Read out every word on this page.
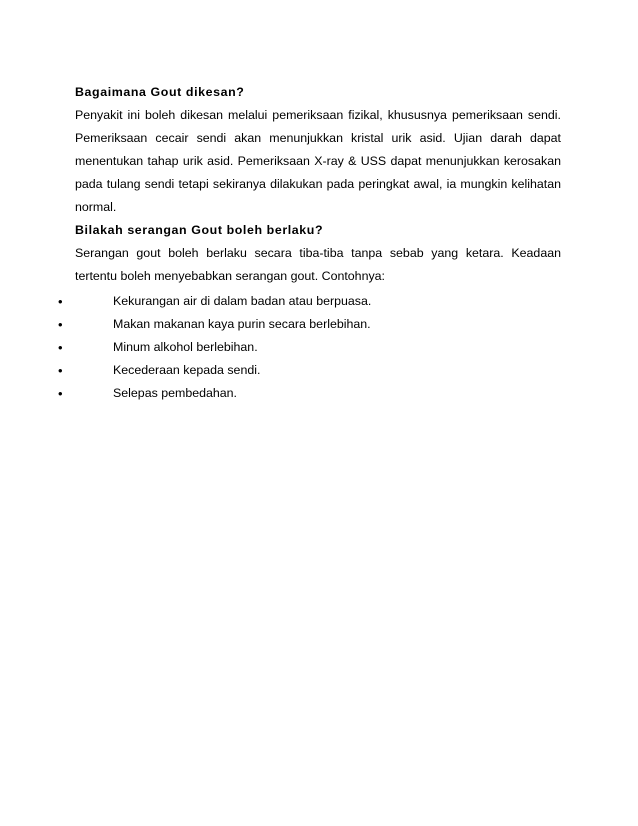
Bagaimana Gout dikesan?
Penyakit ini boleh dikesan melalui pemeriksaan fizikal, khususnya pemeriksaan sendi. Pemeriksaan cecair sendi akan menunjukkan kristal urik asid. Ujian darah dapat menentukan tahap urik asid. Pemeriksaan X-ray & USS dapat menunjukkan kerosakan pada tulang sendi tetapi sekiranya dilakukan pada peringkat awal, ia mungkin kelihatan normal.
Bilakah serangan Gout boleh berlaku?
Serangan gout boleh berlaku secara tiba-tiba tanpa sebab yang ketara. Keadaan tertentu boleh menyebabkan serangan gout. Contohnya:
•	Kekurangan air di dalam badan atau berpuasa.
•	Makan makanan kaya purin secara berlebihan.
•	Minum alkohol berlebihan.
•	Kecederaan kepada sendi.
•	Selepas pembedahan.
